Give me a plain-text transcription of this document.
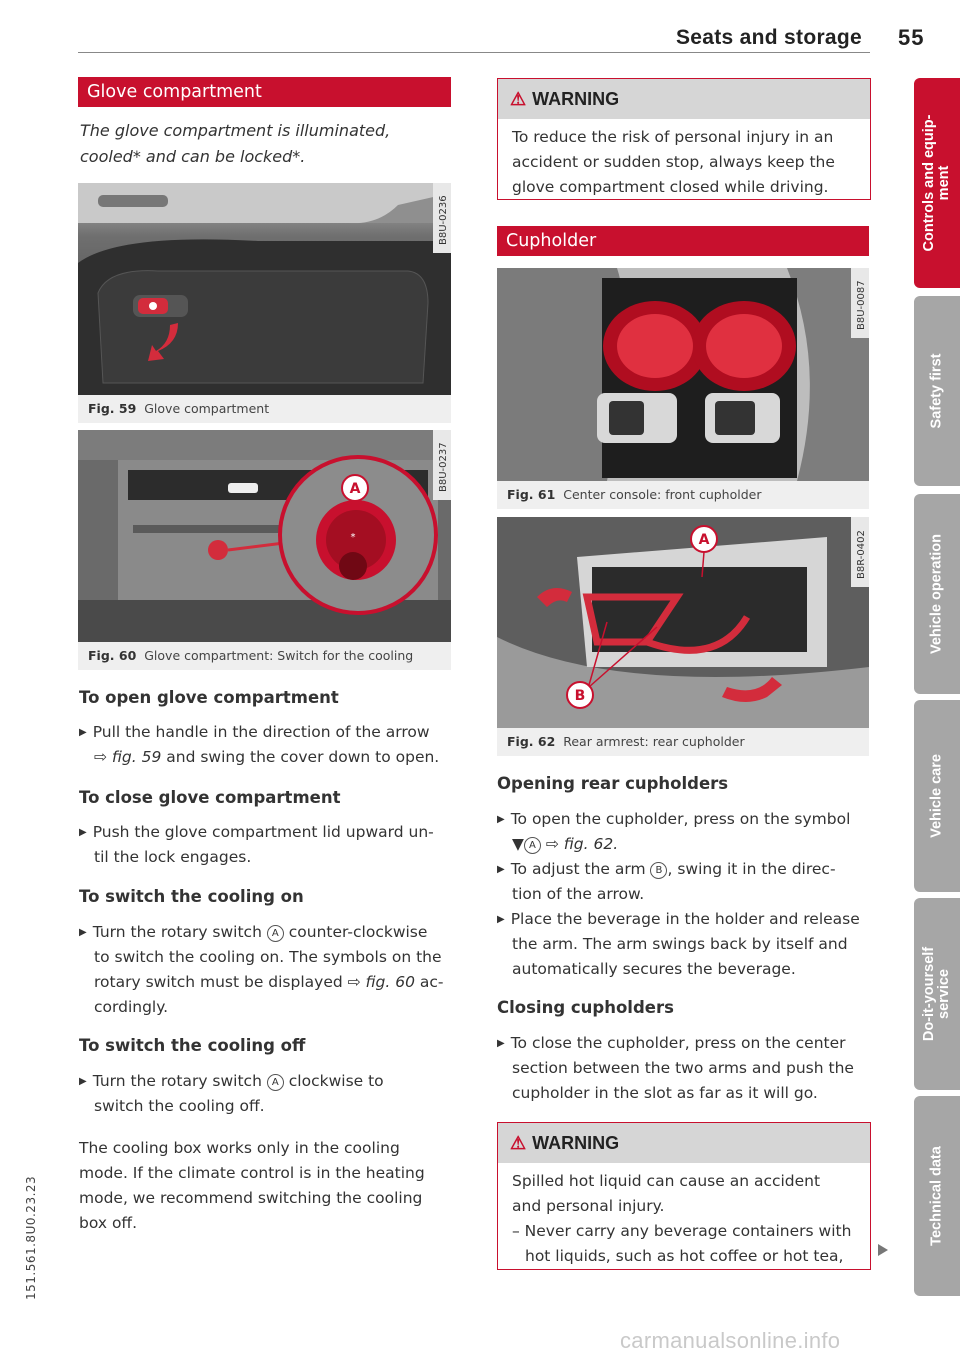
Seats and storage 55
Glove compartment
The glove compartment is illuminated, cooled* and can be locked*.
B8U-0236
Fig. 59 Glove compartment
*
A	B8U-0237
Fig. 60 Glove compartment: Switch for the cooling
To open glove compartment
▶ Pull the handle in the direction of the arrow
⇨ fig. 59 and swing the cover down to open.
To close glove compartment
▶ Push the glove compartment lid upward un-
til the lock engages.
To switch the cooling on
▶ Turn the rotary switch A counter-clockwise
to switch the cooling on. The symbols on the
rotary switch must be displayed ⇨ fig. 60 ac-
cordingly.
To switch the cooling off
▶ Turn the rotary switch A clockwise to
switch the cooling off.
The cooling box works only in the cooling
mode. If the climate control is in the heating
mode, we recommend switching the cooling
box off.
⚠ WARNING
To reduce the risk of personal injury in an
accident or sudden stop, always keep the
glove compartment closed while driving.
Cupholder
B8U-0087
Fig. 61 Center console: front cupholder
A
B
B8R-0402
Fig. 62 Rear armrest: rear cupholder
Opening rear cupholders
▶ To open the cupholder, press on the symbol
▼ A ⇨ fig. 62.
▶ To adjust the arm B , swing it in the direc-
tion of the arrow.
▶ Place the beverage in the holder and release
the arm. The arm swings back by itself and
automatically secures the beverage.
Closing cupholders
▶ To close the cupholder, press on the center
section between the two arms and push the
cupholder in the slot as far as it will go.
⚠ WARNING
Spilled hot liquid can cause an accident
and personal injury.
– Never carry any beverage containers with
hot liquids, such as hot coffee or hot tea,
Controls and equip-
ment
Safety first
Vehicle operation
Vehicle care
Do-it-yourself
service
Technical data
151.561.8U0.23.23
carmanualsonline.info
